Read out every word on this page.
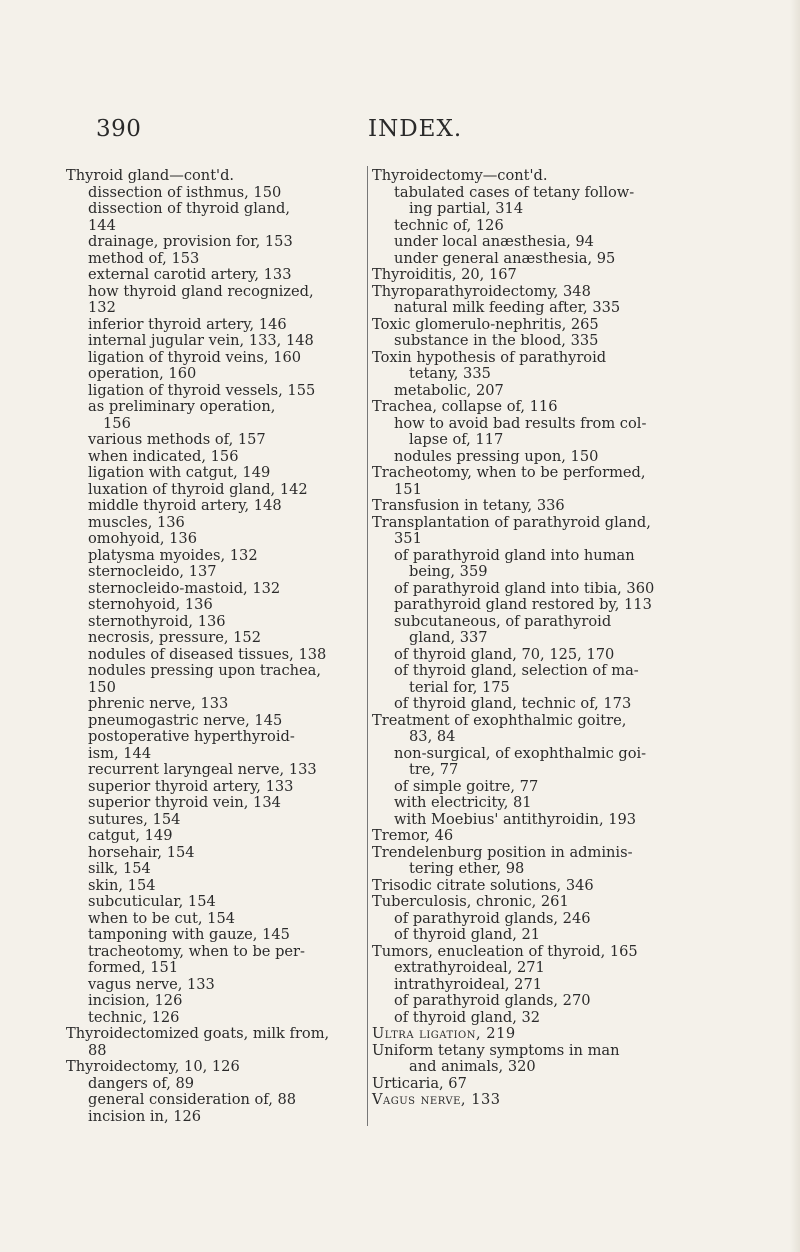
390	INDEX.
Thyroid gland—cont'd.
dissection of isthmus, 150
dissection of thyroid gland,
144
drainage, provision for, 153
method of, 153
external carotid artery, 133
how thyroid gland recognized,
132
inferior thyroid artery, 146
internal jugular vein, 133, 148
ligation of thyroid veins, 160
operation, 160
ligation of thyroid vessels, 155
as preliminary operation,
156
various methods of, 157
when indicated, 156
ligation with catgut, 149
luxation of thyroid gland, 142
middle thyroid artery, 148
muscles, 136
omohyoid, 136
platysma myoides, 132
sternocleido, 137
sternocleido-mastoid, 132
sternohyoid, 136
sternothyroid, 136
necrosis, pressure, 152
nodules of diseased tissues, 138
nodules pressing upon trachea,
150
phrenic nerve, 133
pneumogastric nerve, 145
postoperative hyperthyroid-
ism, 144
recurrent laryngeal nerve, 133
superior thyroid artery, 133
superior thyroid vein, 134
sutures, 154
catgut, 149
horsehair, 154
silk, 154
skin, 154
subcuticular, 154
when to be cut, 154
tamponing with gauze, 145
tracheotomy, when to be per-
formed, 151
vagus nerve, 133
incision, 126
technic, 126
Thyroidectomized goats, milk from,
88
Thyroidectomy, 10, 126
dangers of, 89
general consideration of, 88
incision in, 126
Thyroidectomy—cont'd.
tabulated cases of tetany follow-
ing partial, 314
technic of, 126
under local anæsthesia, 94
under general anæsthesia, 95
Thyroiditis, 20, 167
Thyroparathyroidectomy, 348
natural milk feeding after, 335
Toxic glomerulo-nephritis, 265
substance in the blood, 335
Toxin hypothesis of parathyroid
tetany, 335
metabolic, 207
Trachea, collapse of, 116
how to avoid bad results from col-
lapse of, 117
nodules pressing upon, 150
Tracheotomy, when to be performed,
151
Transfusion in tetany, 336
Transplantation of parathyroid gland,
351
of parathyroid gland into human
being, 359
of parathyroid gland into tibia, 360
parathyroid gland restored by, 113
subcutaneous, of parathyroid
gland, 337
of thyroid gland, 70, 125, 170
of thyroid gland, selection of ma-
terial for, 175
of thyroid gland, technic of, 173
Treatment of exophthalmic goitre,
83, 84
non-surgical, of exophthalmic goi-
tre, 77
of simple goitre, 77
with electricity, 81
with Moebius' antithyroidin, 193
Tremor, 46
Trendelenburg position in adminis-
tering ether, 98
Trisodic citrate solutions, 346
Tuberculosis, chronic, 261
of parathyroid glands, 246
of thyroid gland, 21
Tumors, enucleation of thyroid, 165
extrathyroideal, 271
intrathyroideal, 271
of parathyroid glands, 270
of thyroid gland, 32
Ultra ligation, 219
Uniform tetany symptoms in man
and animals, 320
Urticaria, 67
Vagus nerve, 133
